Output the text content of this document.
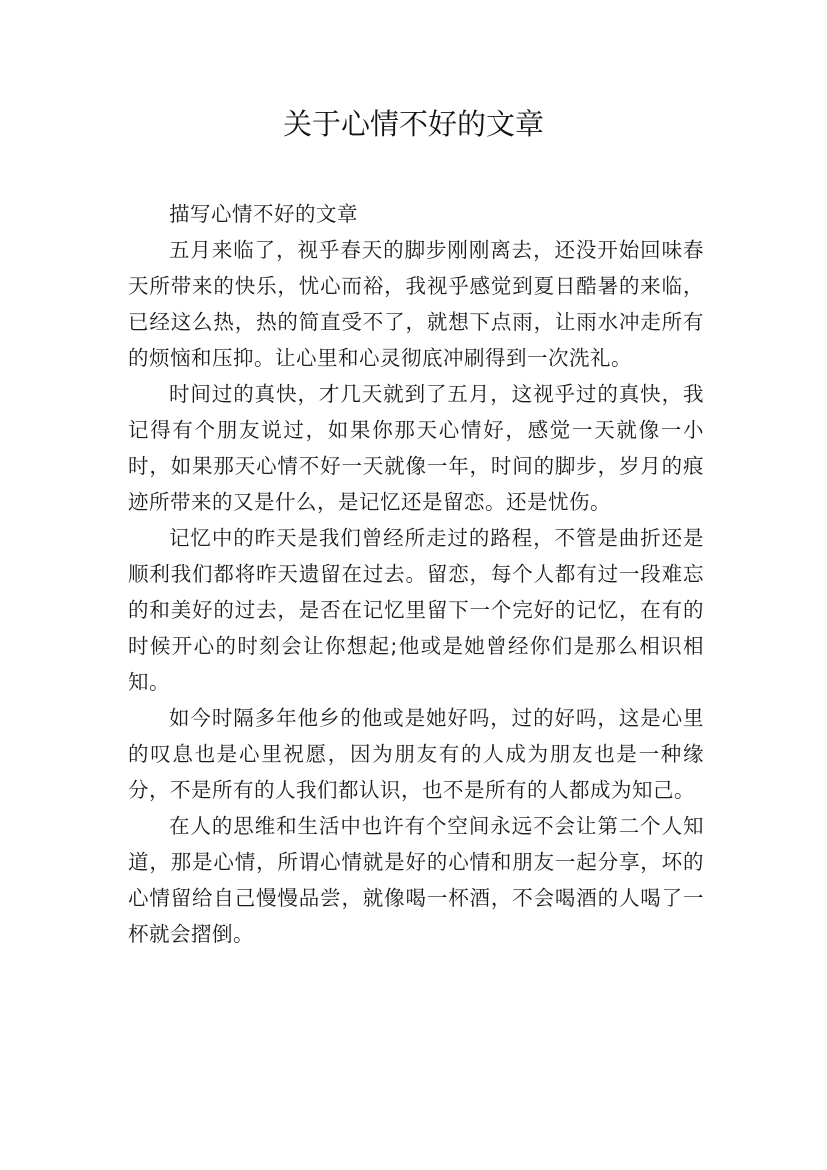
关于心情不好的文章

描写心情不好的文章

五月来临了，视乎春天的脚步刚刚离去，还没开始回味春天所带来的快乐，忧心而裕，我视乎感觉到夏日酷暑的来临，已经这么热，热的简直受不了，就想下点雨，让雨水冲走所有的烦恼和压抑。让心里和心灵彻底冲刷得到一次洗礼。

时间过的真快，才几天就到了五月，这视乎过的真快，我记得有个朋友说过，如果你那天心情好，感觉一天就像一小时，如果那天心情不好一天就像一年，时间的脚步，岁月的痕迹所带来的又是什么，是记忆还是留恋。还是忧伤。

记忆中的昨天是我们曾经所走过的路程，不管是曲折还是顺利我们都将昨天遗留在过去。留恋，每个人都有过一段难忘的和美好的过去，是否在记忆里留下一个完好的记忆，在有的时候开心的时刻会让你想起;他或是她曾经你们是那么相识相知。

如今时隔多年他乡的他或是她好吗，过的好吗，这是心里的叹息也是心里祝愿，因为朋友有的人成为朋友也是一种缘分，不是所有的人我们都认识，也不是所有的人都成为知己。

在人的思维和生活中也许有个空间永远不会让第二个人知道，那是心情，所谓心情就是好的心情和朋友一起分享，坏的心情留给自己慢慢品尝，就像喝一杯酒，不会喝酒的人喝了一杯就会摺倒。
